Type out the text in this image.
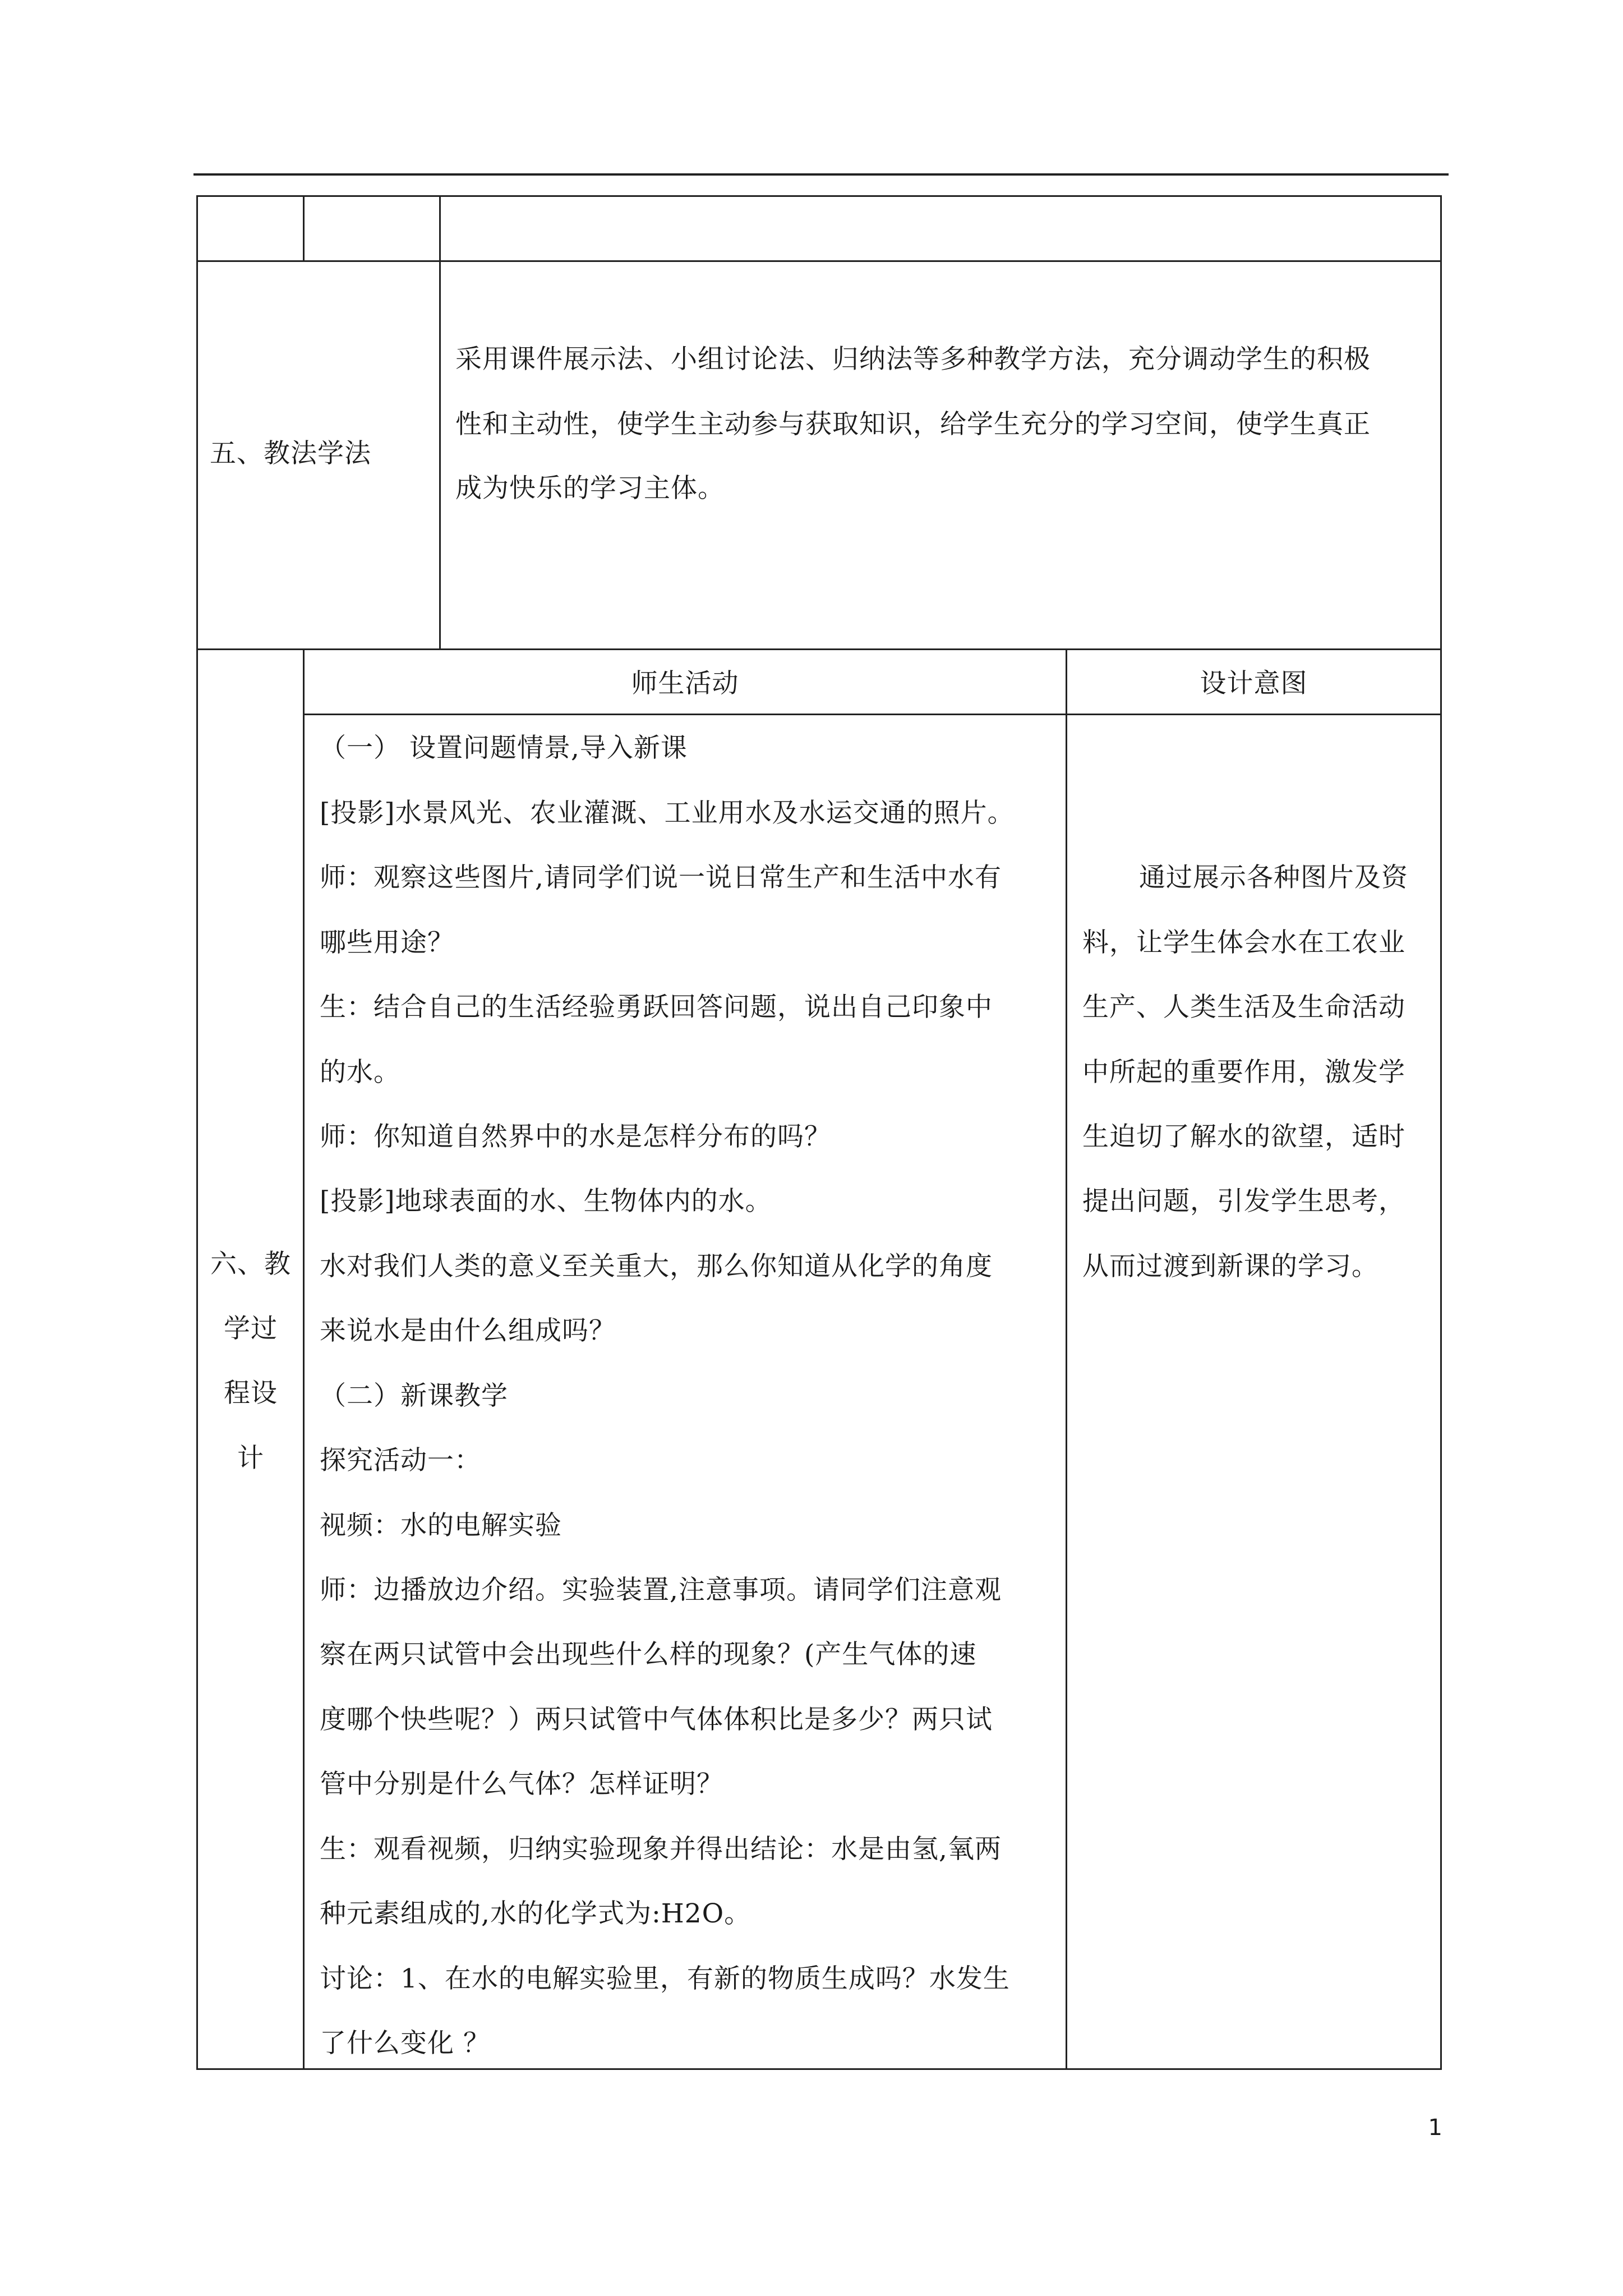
五、教法学法
采用课件展示法、小组讨论法、归纳法等多种教学方法，充分调动学生的积极
性和主动性，使学生主动参与获取知识，给学生充分的学习空间，使学生真正
成为快乐的学习主体。
六、教
学过
程设
计
师生活动	设计意图
（一） 设置问题情景,导入新课
[投影]水景风光、农业灌溉、工业用水及水运交通的照片。
师：观察这些图片,请同学们说一说日常生产和生活中水有
哪些用途？
生：结合自己的生活经验勇跃回答问题，说出自己印象中
的水。
师：你知道自然界中的水是怎样分布的吗？
[投影]地球表面的水、生物体内的水。
水对我们人类的意义至关重大，那么你知道从化学的角度
来说水是由什么组成吗？
（二）新课教学
探究活动一：
视频：水的电解实验
师：边播放边介绍。实验装置,注意事项。请同学们注意观
察在两只试管中会出现些什么样的现象？(产生气体的速
度哪个快些呢？）两只试管中气体体积比是多少？两只试
管中分别是什么气体？怎样证明？
生：观看视频，归纳实验现象并得出结论：水是由氢,氧两
种元素组成的,水的化学式为:H2O。
讨论：1、在水的电解实验里，有新的物质生成吗？水发生
了什么变化 ？
通过展示各种图片及资
料，让学生体会水在工农业
生产、人类生活及生命活动
中所起的重要作用，激发学
生迫切了解水的欲望，适时
提出问题，引发学生思考，
从而过渡到新课的学习。
1
